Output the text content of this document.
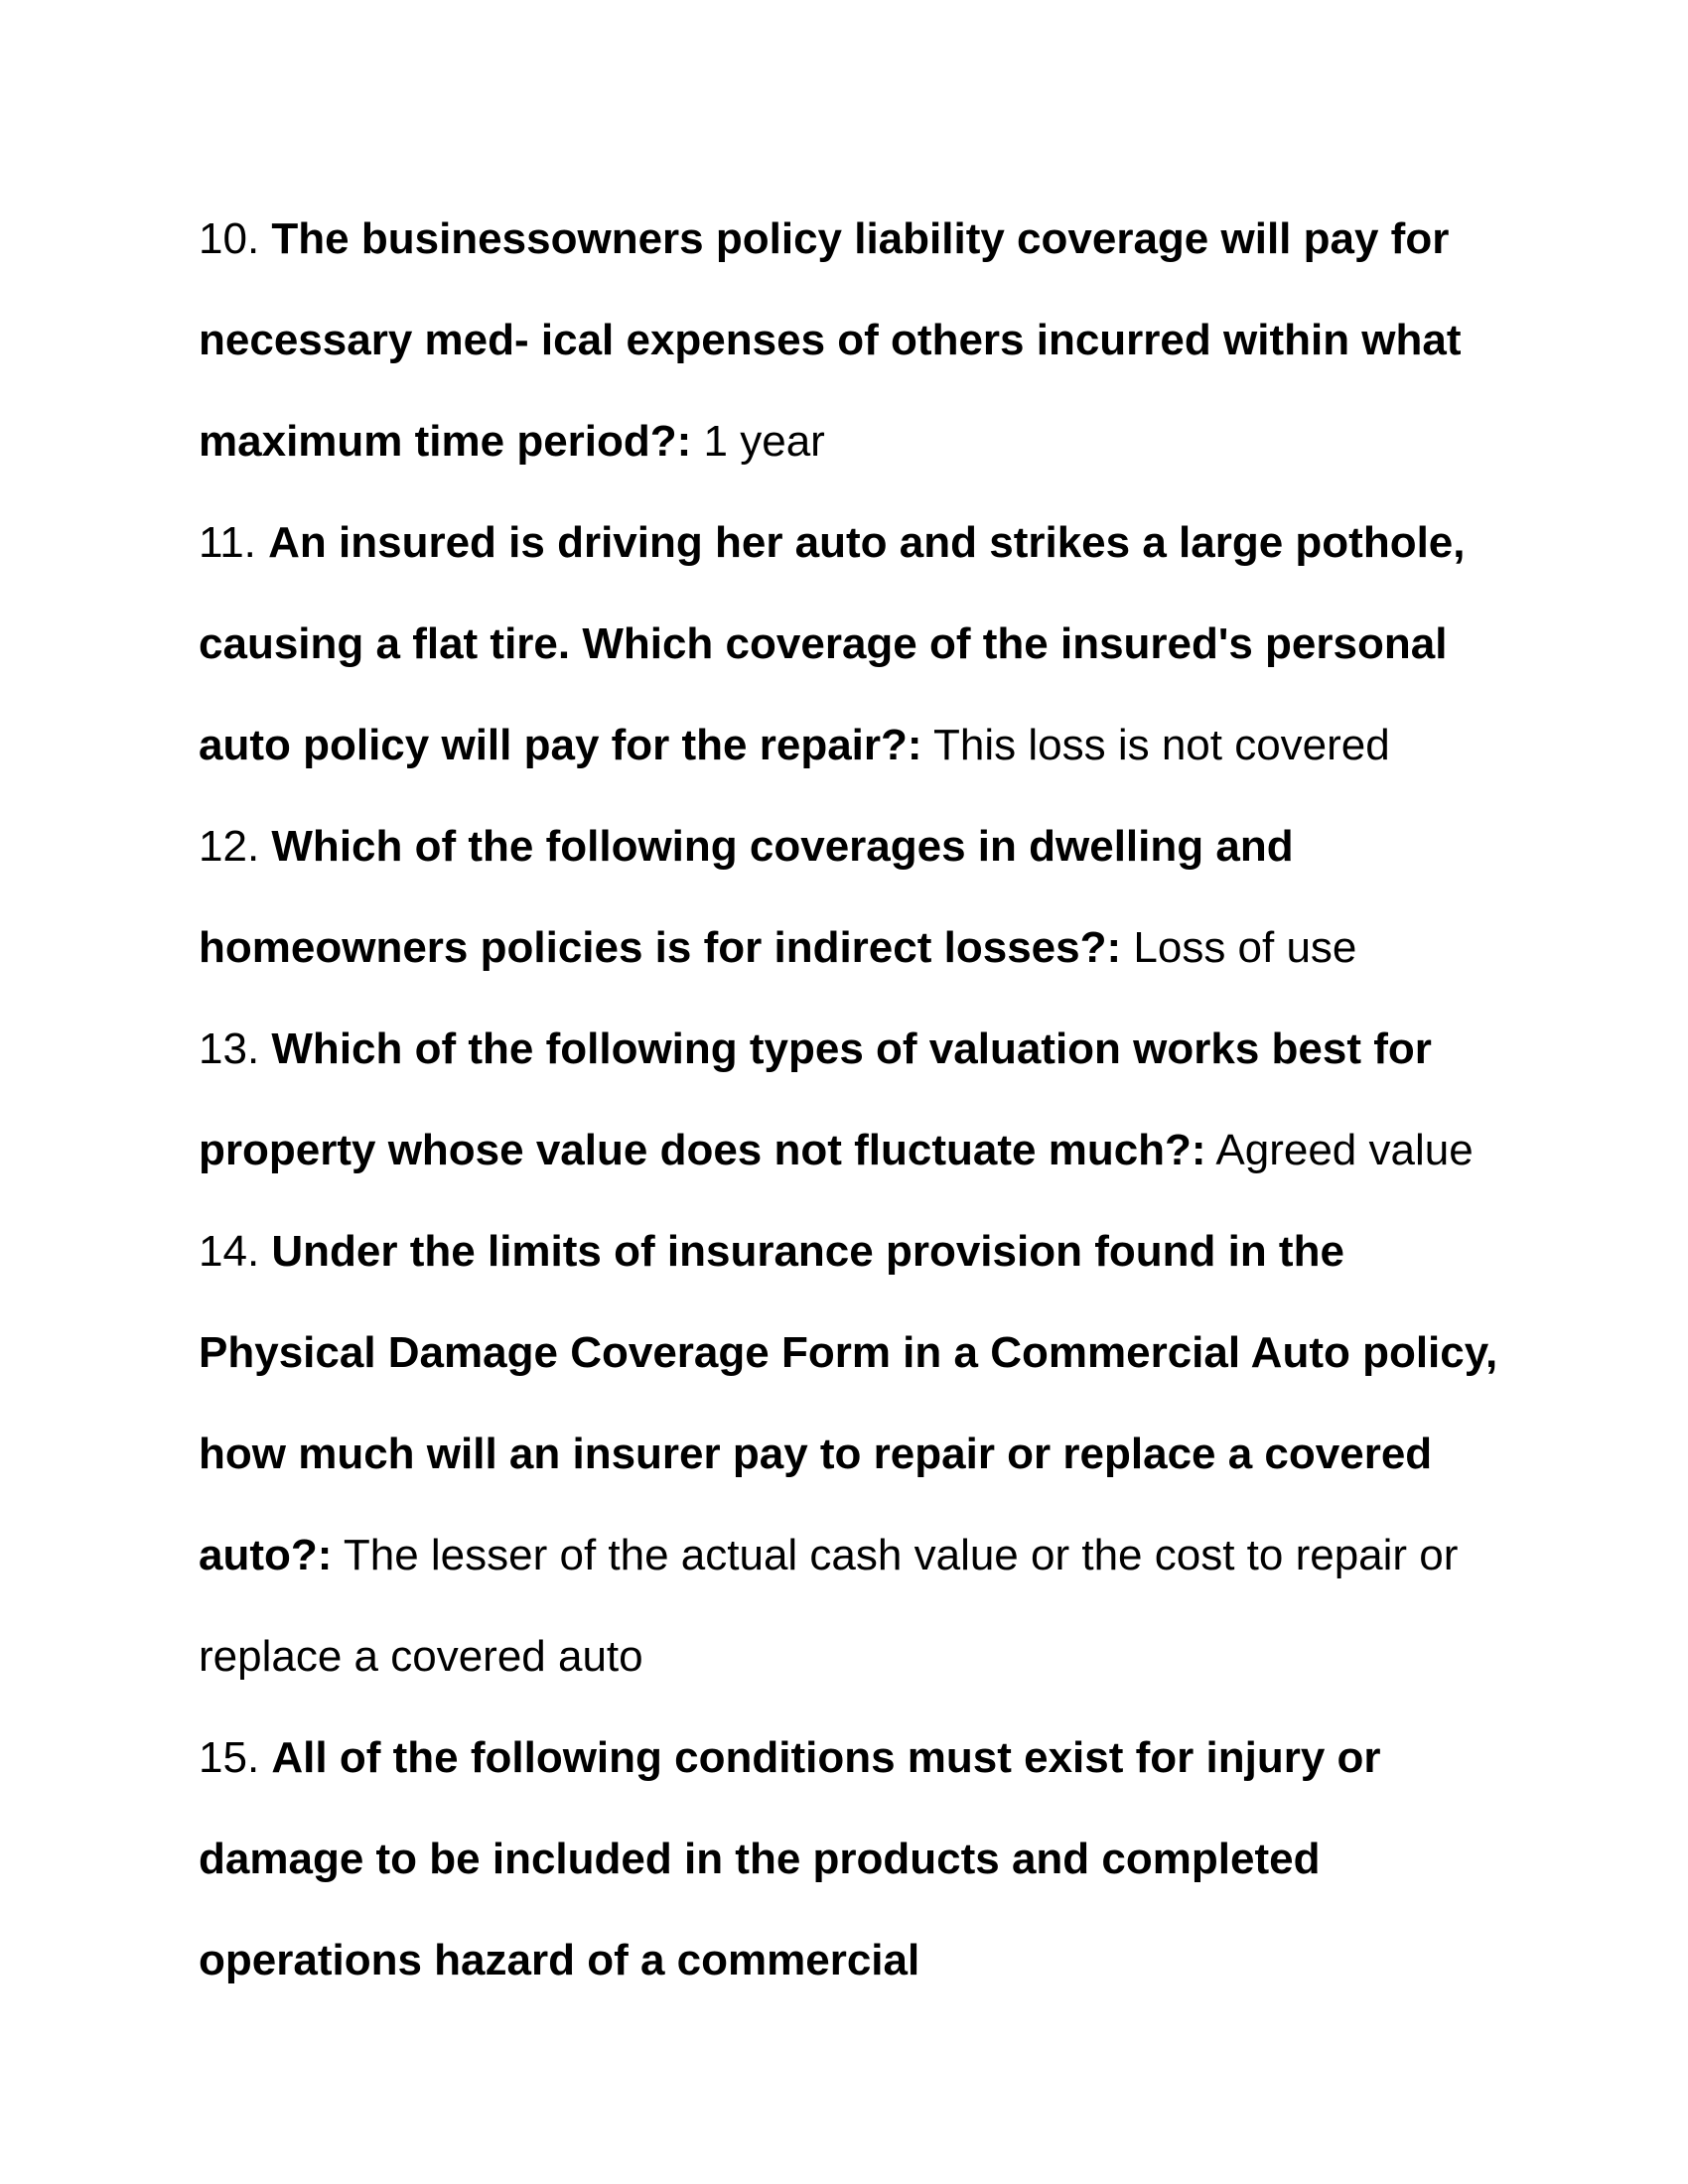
10. The businessowners policy liability coverage will pay for necessary med- ical expenses of others incurred within what maximum time period?: 1 year

11. An insured is driving her auto and strikes a large pothole, causing a flat tire. Which coverage of the insured's personal auto policy will pay for the repair?: This loss is not covered

12. Which of the following coverages in dwelling and homeowners policies is for indirect losses?: Loss of use

13. Which of the following types of valuation works best for property whose value does not fluctuate much?: Agreed value

14. Under the limits of insurance provision found in the Physical Damage Coverage Form in a Commercial Auto policy, how much will an insurer pay to repair or replace a covered auto?: The lesser of the actual cash value or the cost to repair or replace a covered auto

15. All of the following conditions must exist for injury or damage to be included in the products and completed operations hazard of a commercial
